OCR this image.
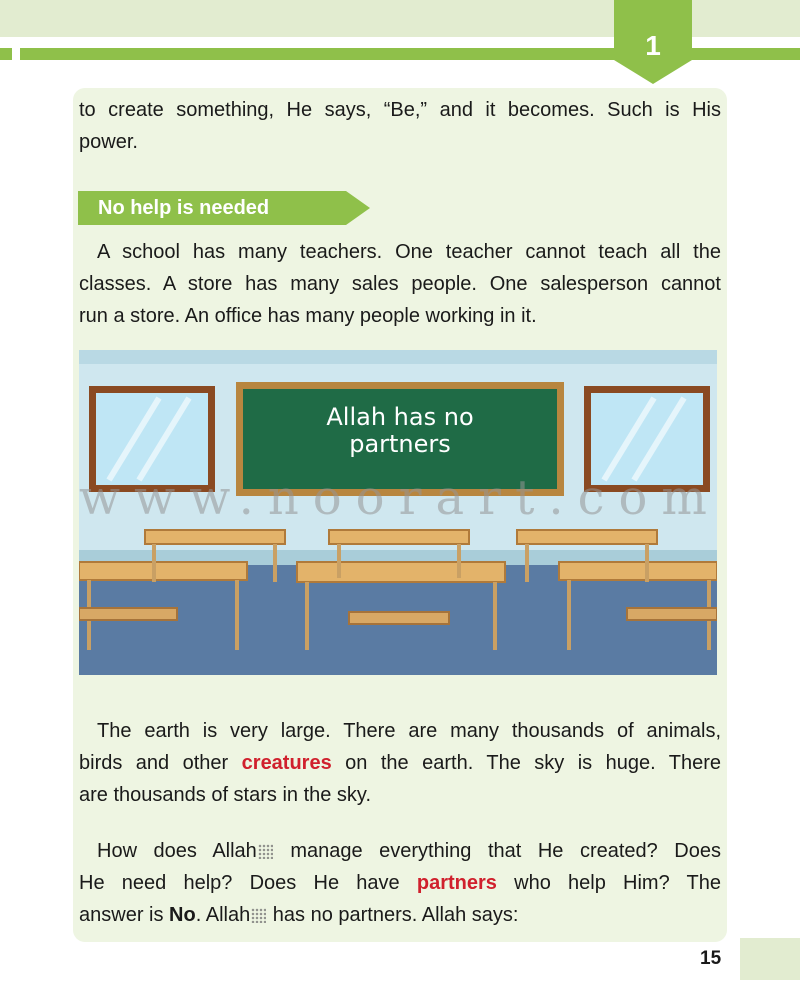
1
to create something, He says, “Be,” and it becomes. Such is His
power.
No help is needed
A school has many teachers. One teacher cannot teach all the
classes. A store has many sales people. One salesperson cannot
run a store. An office has many people working in it.
Allah has no
partners
www.noorart.com
The earth is very large. There are many thousands of animals,
birds and other creatures on the earth. The sky is huge. There
are thousands of stars in the sky.
How does Allah manage everything that He created? Does
He need help? Does He have partners who help Him? The
answer is No. Allah has no partners. Allah says:
15
